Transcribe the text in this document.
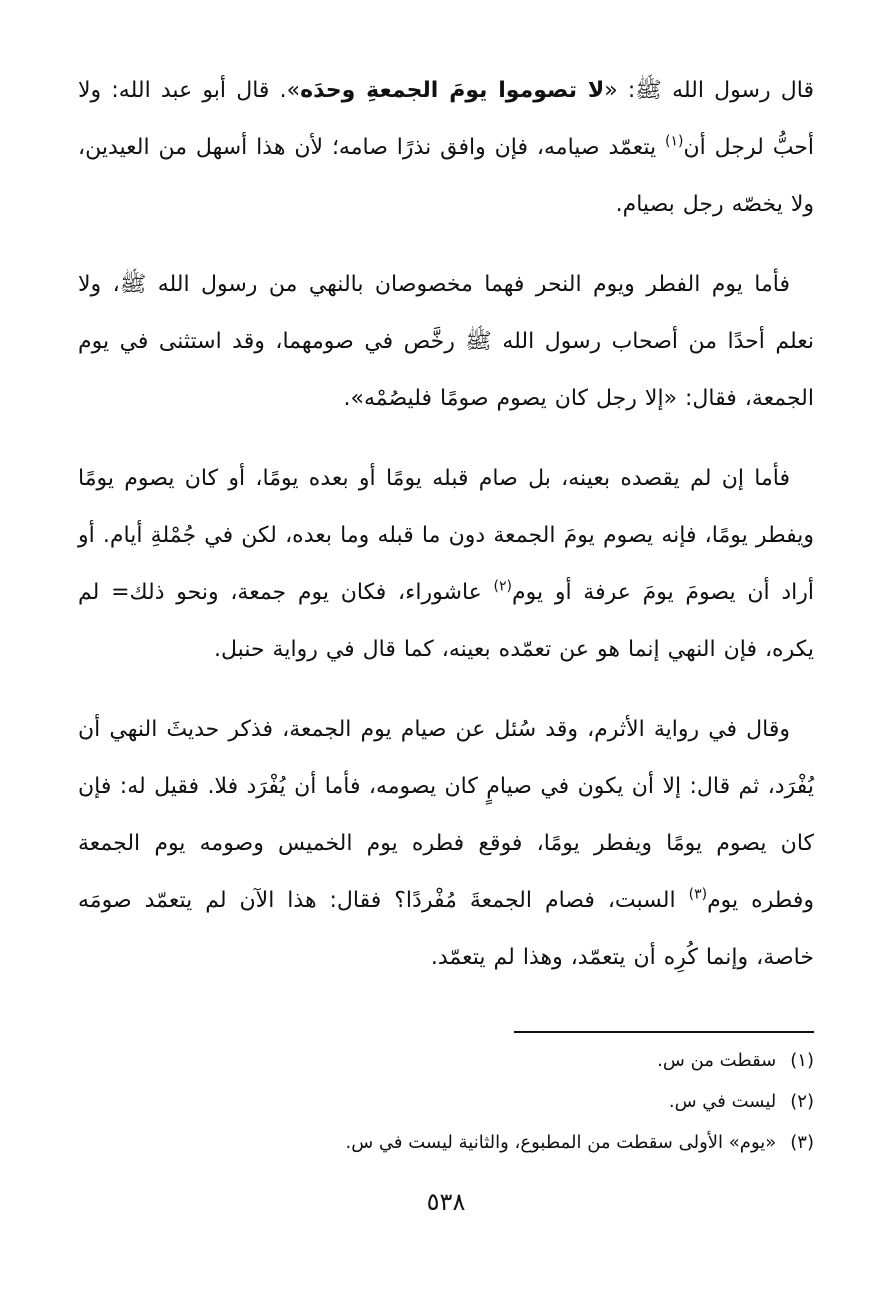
قال رسول الله ﷺ: «لا تصوموا يومَ الجمعةِ وحدَه». قال أبو عبد الله: ولا أحبُّ لرجل أن$^{(١)}$ يتعمّد صيامه، فإن وافق نذرًا صامه؛ لأن هذا أسهل من العيدين، ولا يخصّه رجل بصيام.

فأما يوم الفطر ويوم النحر فهما مخصوصان بالنهي من رسول الله ﷺ، ولا نعلم أحدًا من أصحاب رسول الله ﷺ رخَّص في صومهما، وقد استثنى في يوم الجمعة، فقال: «إلا رجل كان يصوم صومًا فليصُمْه».

فأما إن لم يقصده بعينه، بل صام قبله يومًا أو بعده يومًا، أو كان يصوم يومًا ويفطر يومًا، فإنه يصوم يومَ الجمعة دون ما قبله وما بعده، لكن في جُمْلةِ أيام. أو أراد أن يصومَ يومَ عرفة أو يوم$^{(٢)}$ عاشوراء، فكان يوم جمعة، ونحو ذلك= لم يكره، فإن النهي إنما هو عن تعمّده بعينه، كما قال في رواية حنبل.

وقال في رواية الأثرم، وقد سُئل عن صيام يوم الجمعة، فذكر حديثَ النهي أن يُفْرَد، ثم قال: إلا أن يكون في صيامٍ كان يصومه، فأما أن يُفْرَد فلا. فقيل له: فإن كان يصوم يومًا ويفطر يومًا، فوقع فطره يوم الخميس وصومه يوم الجمعة وفطره يوم$^{(٣)}$ السبت، فصام الجمعةَ مُفْردًا؟ فقال: هذا الآن لم يتعمّد صومَه خاصة، وإنما كُرِه أن يتعمّد، وهذا لم يتعمّد.

(١)سقطت من س.
(٢)ليست في س.
(٣)«يوم» الأولى سقطت من المطبوع، والثانية ليست في س.
٥٣٨
